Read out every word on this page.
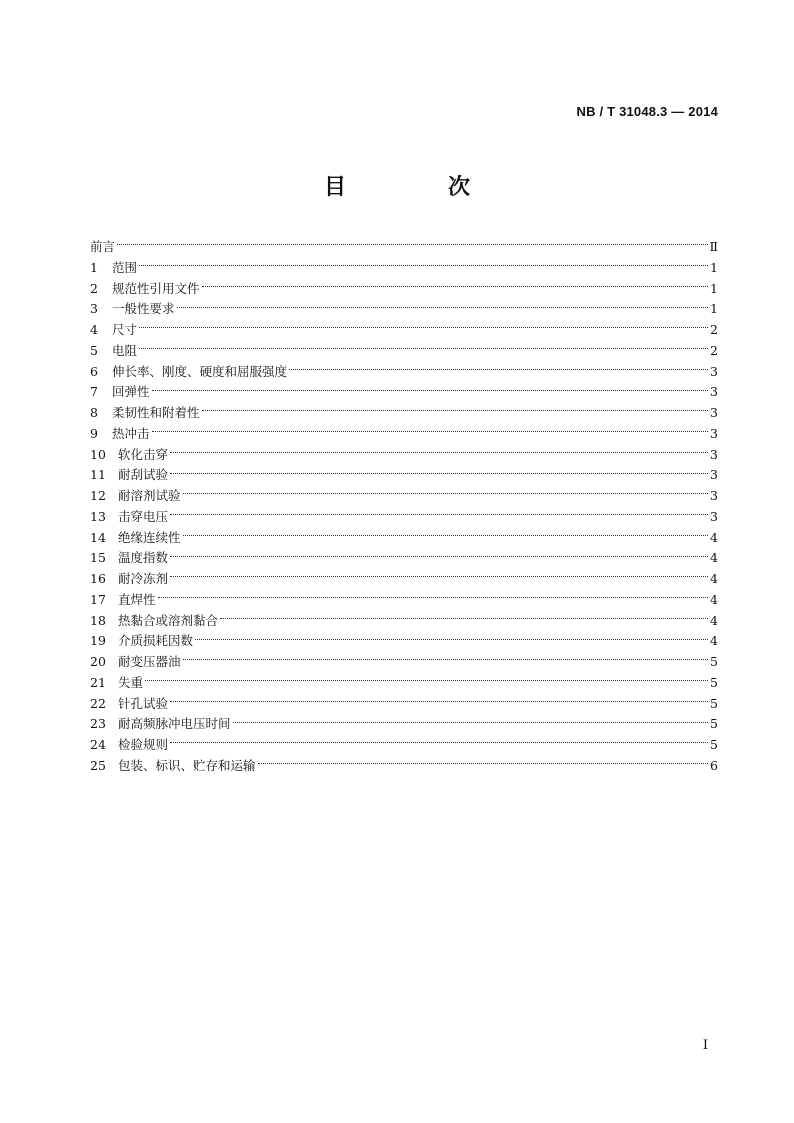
NB / T 31048.3 — 2014
目　次
前言	Ⅱ
1	范围	1
2	规范性引用文件	1
3	一般性要求	1
4	尺寸	2
5	电阻	2
6	伸长率、刚度、硬度和屈服强度	3
7	回弹性	3
8	柔韧性和附着性	3
9	热冲击	3
10 软化击穿	3
11 耐刮试验	3
12 耐溶剂试验	3
13 击穿电压	3
14 绝缘连续性	4
15 温度指数	4
16 耐冷冻剂	4
17 直焊性	4
18 热黏合或溶剂黏合	4
19 介质损耗因数	4
20 耐变压器油	5
21 失重	5
22 针孔试验	5
23 耐高频脉冲电压时间	5
24 检验规则	5
25 包装、标识、贮存和运输	6
I
